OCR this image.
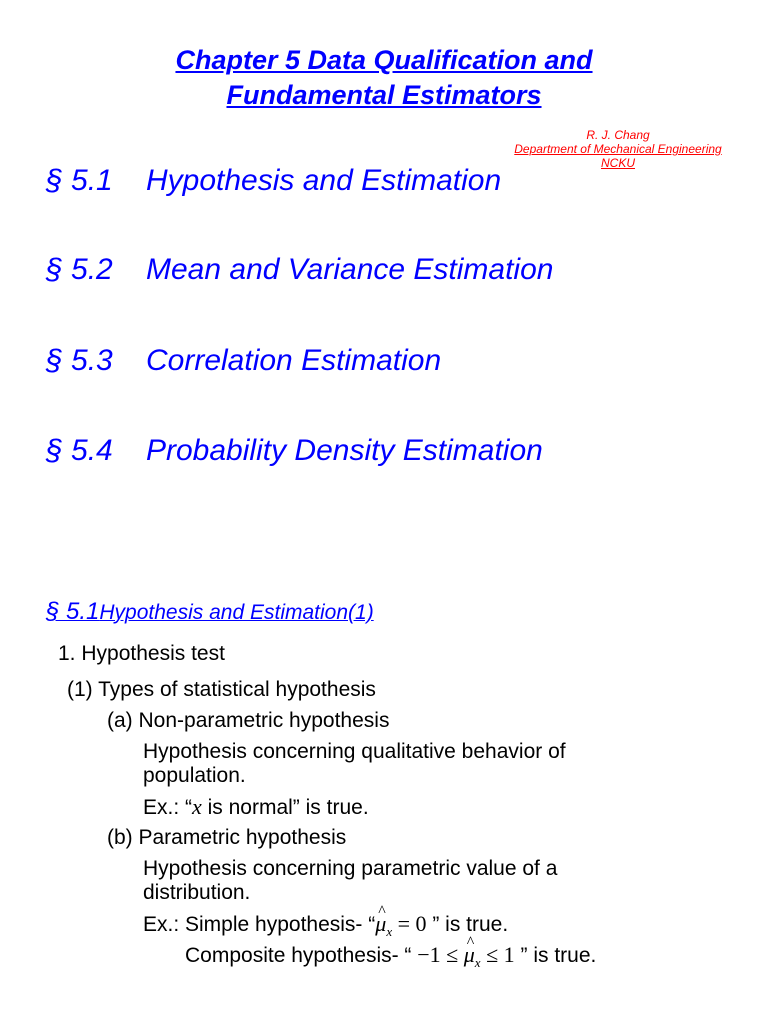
Chapter 5 Data Qualification and
Fundamental Estimators
R. J. Chang
Department of Mechanical Engineering
NCKU
§ 5.1 Hypothesis and Estimation
§ 5.2 Mean and Variance Estimation
§ 5.3 Correlation Estimation
§ 5.4 Probability Density Estimation
§ 5.1Hypothesis and Estimation(1)
1. Hypothesis test
(1) Types of statistical hypothesis
(a) Non-parametric hypothesis
Hypothesis concerning qualitative behavior of
population.
Ex.: “x is normal” is true.
(b) Parametric hypothesis
Hypothesis concerning parametric value of a
distribution.
Ex.: Simple hypothesis- “^ $\mu_x = 0$ ” is true.
Composite hypothesis- “ −1 ≤ ^ $\mu_x \le 1$ ” is true.
